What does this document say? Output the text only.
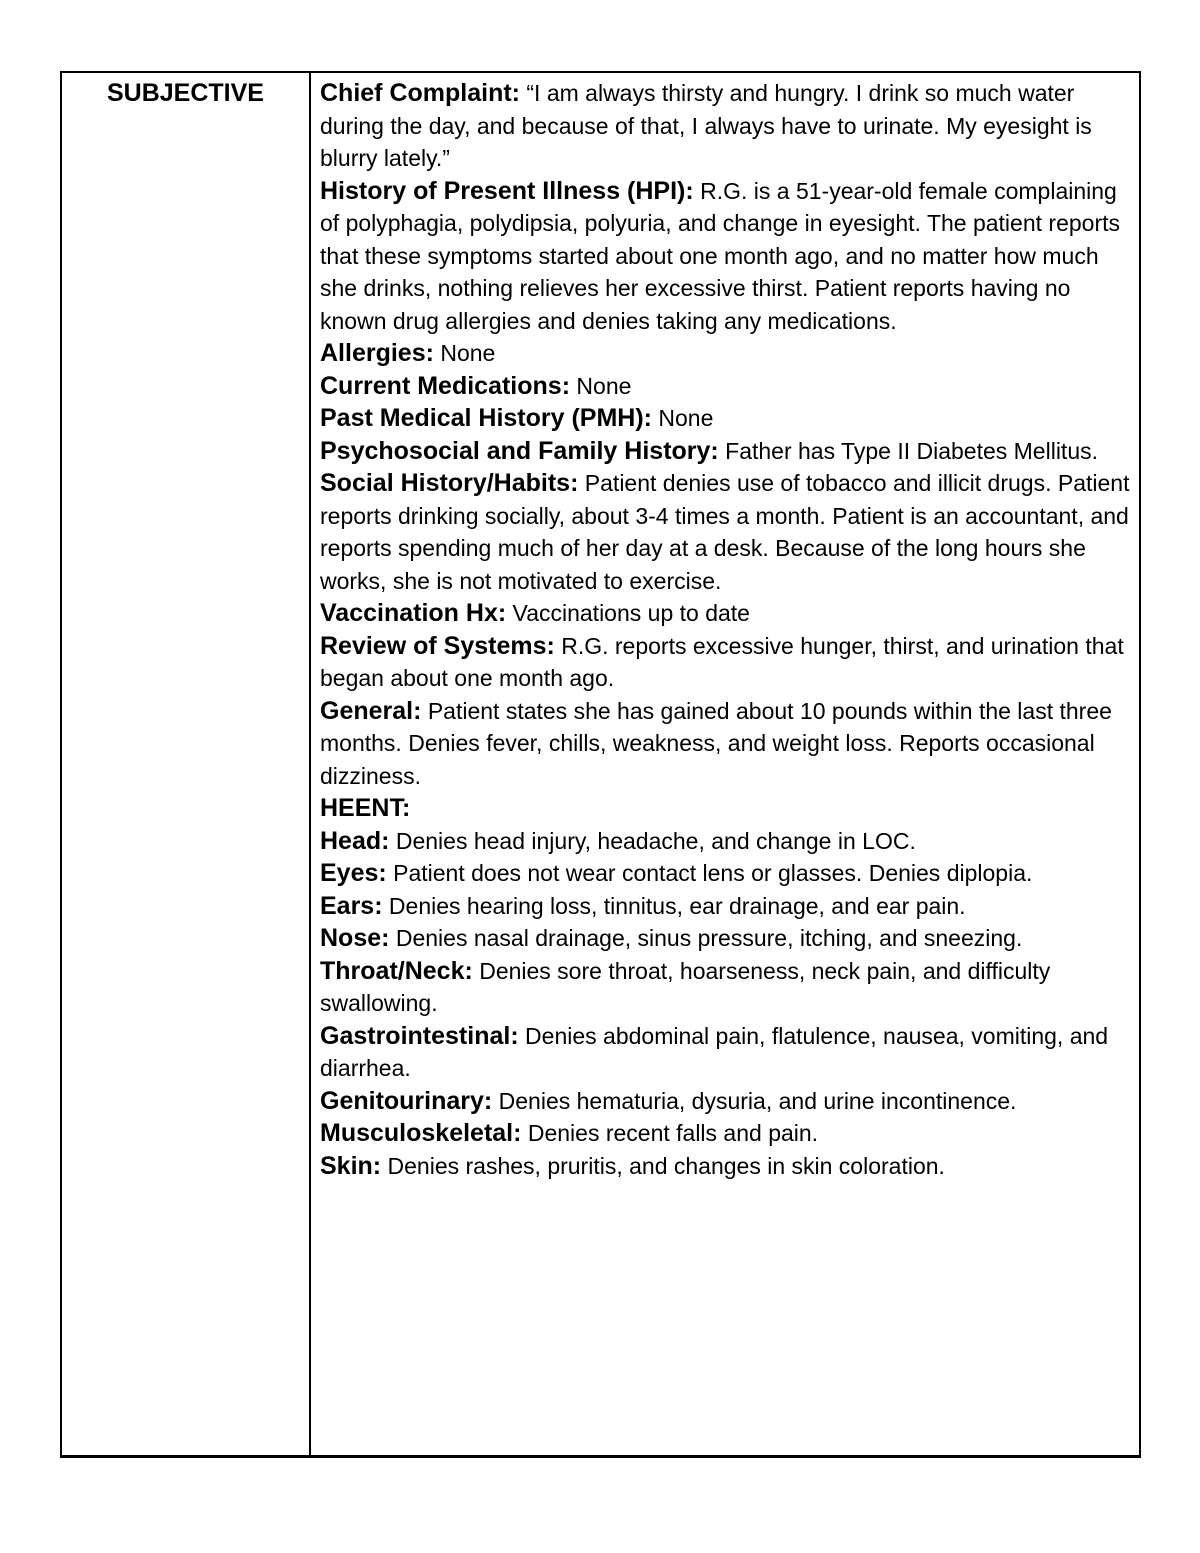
SUBJECTIVE	Chief Complaint: “I am always thirsty and hungry. I drink so much water during the day, and because of that, I always have to urinate. My eyesight is blurry lately.”

History of Present Illness (HPI): R.G. is a 51-year-old female complaining of polyphagia, polydipsia, polyuria, and change in eyesight. The patient reports that these symptoms started about one month ago, and no matter how much she drinks, nothing relieves her excessive thirst. Patient reports having no known drug allergies and denies taking any medications.

Allergies: None

Current Medications: None

Past Medical History (PMH): None

Psychosocial and Family History: Father has Type II Diabetes Mellitus.

Social History/Habits: Patient denies use of tobacco and illicit drugs. Patient reports drinking socially, about 3-4 times a month. Patient is an accountant, and reports spending much of her day at a desk. Because of the long hours she works, she is not motivated to exercise.

Vaccination Hx: Vaccinations up to date

Review of Systems: R.G. reports excessive hunger, thirst, and urination that began about one month ago.

General: Patient states she has gained about 10 pounds within the last three months. Denies fever, chills, weakness, and weight loss. Reports occasional dizziness.

HEENT:

Head: Denies head injury, headache, and change in LOC.

Eyes: Patient does not wear contact lens or glasses. Denies diplopia.

Ears: Denies hearing loss, tinnitus, ear drainage, and ear pain.

Nose: Denies nasal drainage, sinus pressure, itching, and sneezing.

Throat/Neck: Denies sore throat, hoarseness, neck pain, and difficulty swallowing.

Gastrointestinal: Denies abdominal pain, flatulence, nausea, vomiting, and diarrhea.

Genitourinary: Denies hematuria, dysuria, and urine incontinence.

Musculoskeletal: Denies recent falls and pain.

Skin: Denies rashes, pruritis, and changes in skin coloration.
